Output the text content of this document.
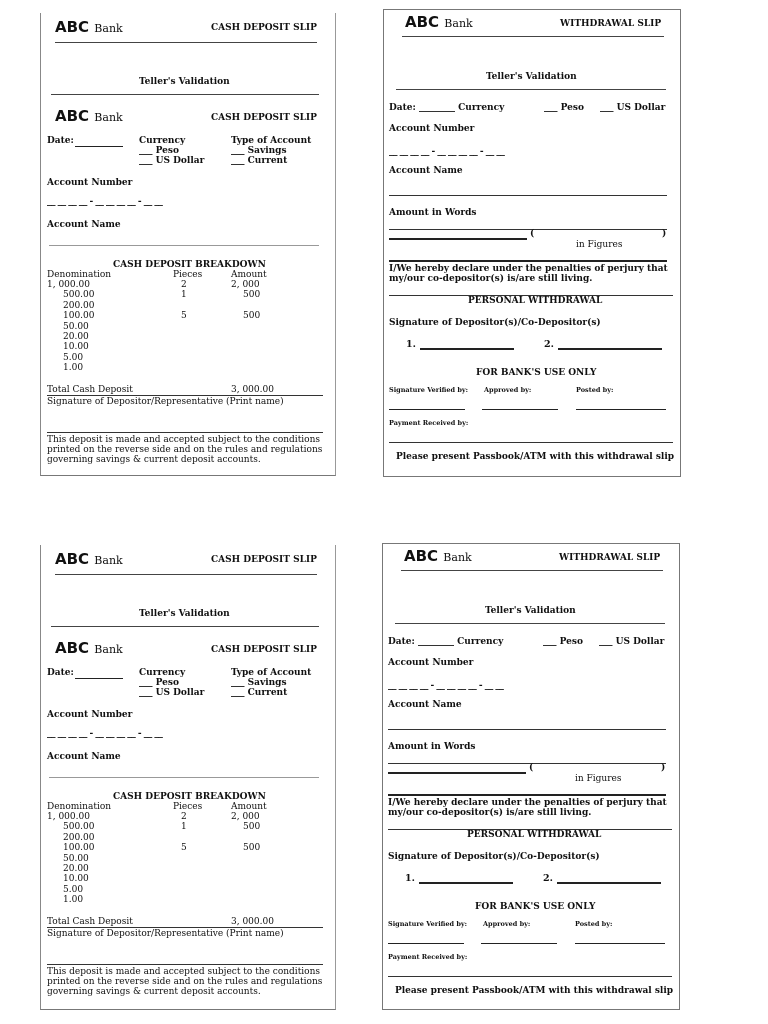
ABC Bank	CASH DEPOSIT SLIP
Teller's Validation
ABC Bank	CASH DEPOSIT SLIP
Date:	Currency
___ Peso
___ US Dollar
Type of Account
___ Savings
___ Current
Account Number
__ __ __ __ - __ __ __ __ - __ __
Account Name
CASH DEPOSIT BREAKDOWN
Denomination	Pieces	Amount
1, 000.00	2	2, 000
500.00	1	500
200.00
100.00	5	500
50.00
20.00
10.00
5.00
1.00
Total Cash Deposit	3, 000.00
Signature of Depositor/Representative (Print name)
This deposit is made and accepted subject to the conditions
printed on the reverse side and on the rules and regulations
governing savings & current deposit accounts.
ABC Bank	CASH DEPOSIT SLIP
Teller's Validation
ABC Bank	CASH DEPOSIT SLIP
Date:	Currency
___ Peso
___ US Dollar
Type of Account
___ Savings
___ Current
Account Number
__ __ __ __ - __ __ __ __ - __ __
Account Name
CASH DEPOSIT BREAKDOWN
Denomination	Pieces	Amount
1, 000.00	2	2, 000
500.00	1	500
200.00
100.00	5	500
50.00
20.00
10.00
5.00
1.00
Total Cash Deposit	3, 000.00
Signature of Depositor/Representative (Print name)
This deposit is made and accepted subject to the conditions
printed on the reverse side and on the rules and regulations
governing savings & current deposit accounts.
ABC Bank	WITHDRAWAL SLIP
Teller's Validation
Date: ________ Currency	___ Peso ___ US Dollar
Account Number
__ __ __ __ - __ __ __ __ - __ __
Account Name
Amount in Words
(	)
in Figures
I/We hereby declare under the penalties of perjury that
my/our co-depositor(s) is/are still living.
PERSONAL WITHDRAWAL
Signature of Depositor(s)/Co-Depositor(s)
1.	2.
FOR BANK'S USE ONLY
Signature Verified by: Approved by:	Posted by:
Payment Received by:
Please present Passbook/ATM with this withdrawal slip
ABC Bank	WITHDRAWAL SLIP
Teller's Validation
Date: ________ Currency	___ Peso ___ US Dollar
Account Number
__ __ __ __ - __ __ __ __ - __ __
Account Name
Amount in Words
(	)
in Figures
I/We hereby declare under the penalties of perjury that
my/our co-depositor(s) is/are still living.
PERSONAL WITHDRAWAL
Signature of Depositor(s)/Co-Depositor(s)
1.	2.
FOR BANK'S USE ONLY
Signature Verified by: Approved by:	Posted by:
Payment Received by:
Please present Passbook/ATM with this withdrawal slip
